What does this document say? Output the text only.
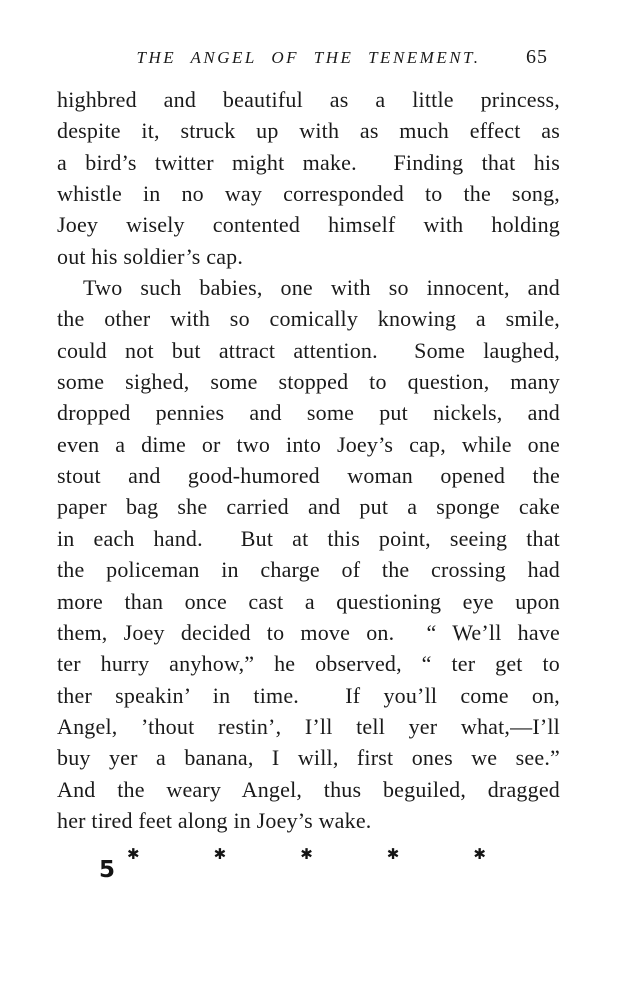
THE ANGEL OF THE TENEMENT.	65
highbred and beautiful as a little princess,
despite it, struck up with as much effect as
a bird’s twitter might make.  Finding that his
whistle in no way corresponded to the song,
Joey wisely contented himself with holding
out his soldier’s cap.
Two such babies, one with so innocent, and
the other with so comically knowing a smile,
could not but attract attention.  Some laughed,
some sighed, some stopped to question, many
dropped pennies and some put nickels, and
even a dime or two into Joey’s cap, while one
stout and good-humored woman opened the
paper bag she carried and put a sponge cake
in each hand.  But at this point, seeing that
the policeman in charge of the crossing had
more than once cast a questioning eye upon
them, Joey decided to move on.  “ We’ll have
ter hurry anyhow,” he observed, “ ter get to
ther speakin’ in time.  If you’ll come on,
Angel, ’thout restin’, I’ll tell yer what,—I’ll
buy yer a banana, I will, first ones we see.”
And the weary Angel, thus beguiled, dragged
her tired feet along in Joey’s wake.
✱	✱	✱	✱	✱
5
